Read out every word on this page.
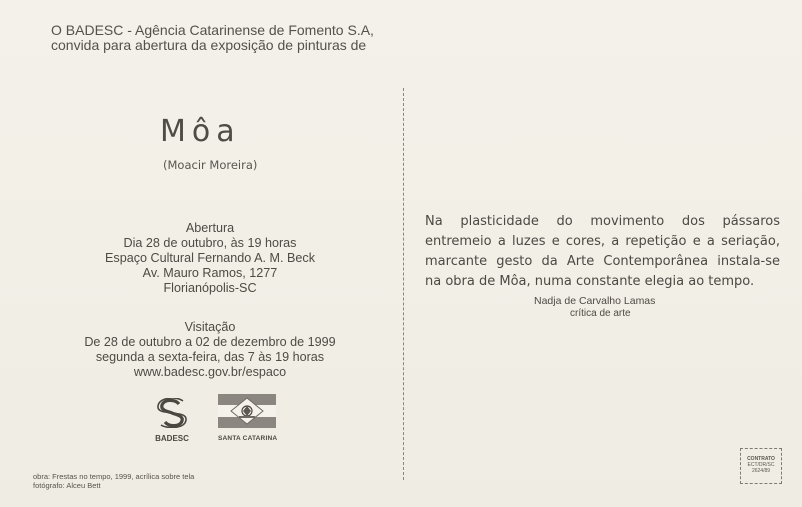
O BADESC - Agência Catarinense de Fomento S.A,
convida para abertura da exposição de pinturas de
Môa
(Moacir Moreira)
Abertura
Dia 28 de outubro, às 19 horas
Espaço Cultural Fernando A. M. Beck
Av. Mauro Ramos, 1277
Florianópolis-SC
Visitação
De 28 de outubro a 02 de dezembro de 1999
segunda a sexta-feira, das 7 às 19 horas
www.badesc.gov.br/espaco
BADESC	SANTA CATARINA
obra: Frestas no tempo, 1999, acrílica sobre tela
fotógrafo: Alceu Bett
Na plasticidade do movimento dos pássaros
entremeio a luzes e cores, a repetição e a seriação,
marcante gesto da Arte Contemporânea instala-se
na obra de Môa, numa constante elegia ao tempo.
Nadja de Carvalho Lamas
crítica de arte
CONTRATO
ECT/DR/SC
2624/89
